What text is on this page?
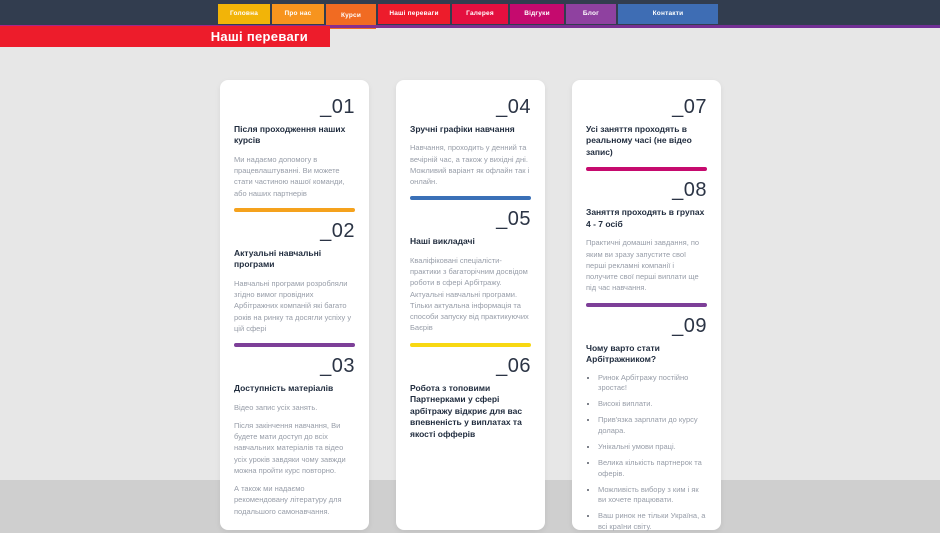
Головна	Про нас	Курси	Наші переваги	Галерея	Відгуки	Блог	Контакти
Наші переваги
_01
Після проходження наших курсів

Ми надаємо допомогу в працевлаштуванні. Ви можете стати частиною нашої команди, або наших партнерів

_02
Актуальні навчальні програми

Навчальні програми розробляли згідно вимог провідних Арбітражних компаній які багато років на ринку та досягли успіху у цій сфері

_03
Доступність матеріалів

Відео запис усіх занять.

Після закінчення навчання, Ви будете мати доступ до всіх навчальних матеріалів та відео усіх уроків завдяки чому завжди можна пройти курс повторно.

А також ми надаємо рекомендовану літературу для подальшого самонавчання.

_04
Зручні графіки навчання

Навчання, проходить у денний та вечірній час, а також у вихідні дні. Можливий варіант як офлайн так і онлайн.

_05
Наші викладачі

Кваліфіковані спеціалісти-практики з багаторічним досвідом роботи в сфері Арбітражу. Актуальні навчальні програми. Тільки актуальна інформація та способи запуску від практикуючих Баєрів

_06
Робота з топовими Партнерками у сфері арбітражу відкриє для вас впевненість у виплатах та якості офферів
_07
Усі заняття проходять в реальному часі (не відео запис)
_08
Заняття проходять в групах 4 - 7 осіб

Практичні домашні завдання, по яким ви зразу запустите свої перші рекламні компанії і получите свої перші виплати ще під час навчання.

_09
Чому варто стати Арбітражником?
• Ринок Арбітражу постійно зростає!
• Високі виплати.
• Прив'язка зарплати до курсу долара.
• Унікальні умови праці.
• Велика кількість партнерок та оферів.
• Можливість вибору з ким і як ви хочете працювати.
• Ваш ринок не тільки Україна, а всі країни світу.
